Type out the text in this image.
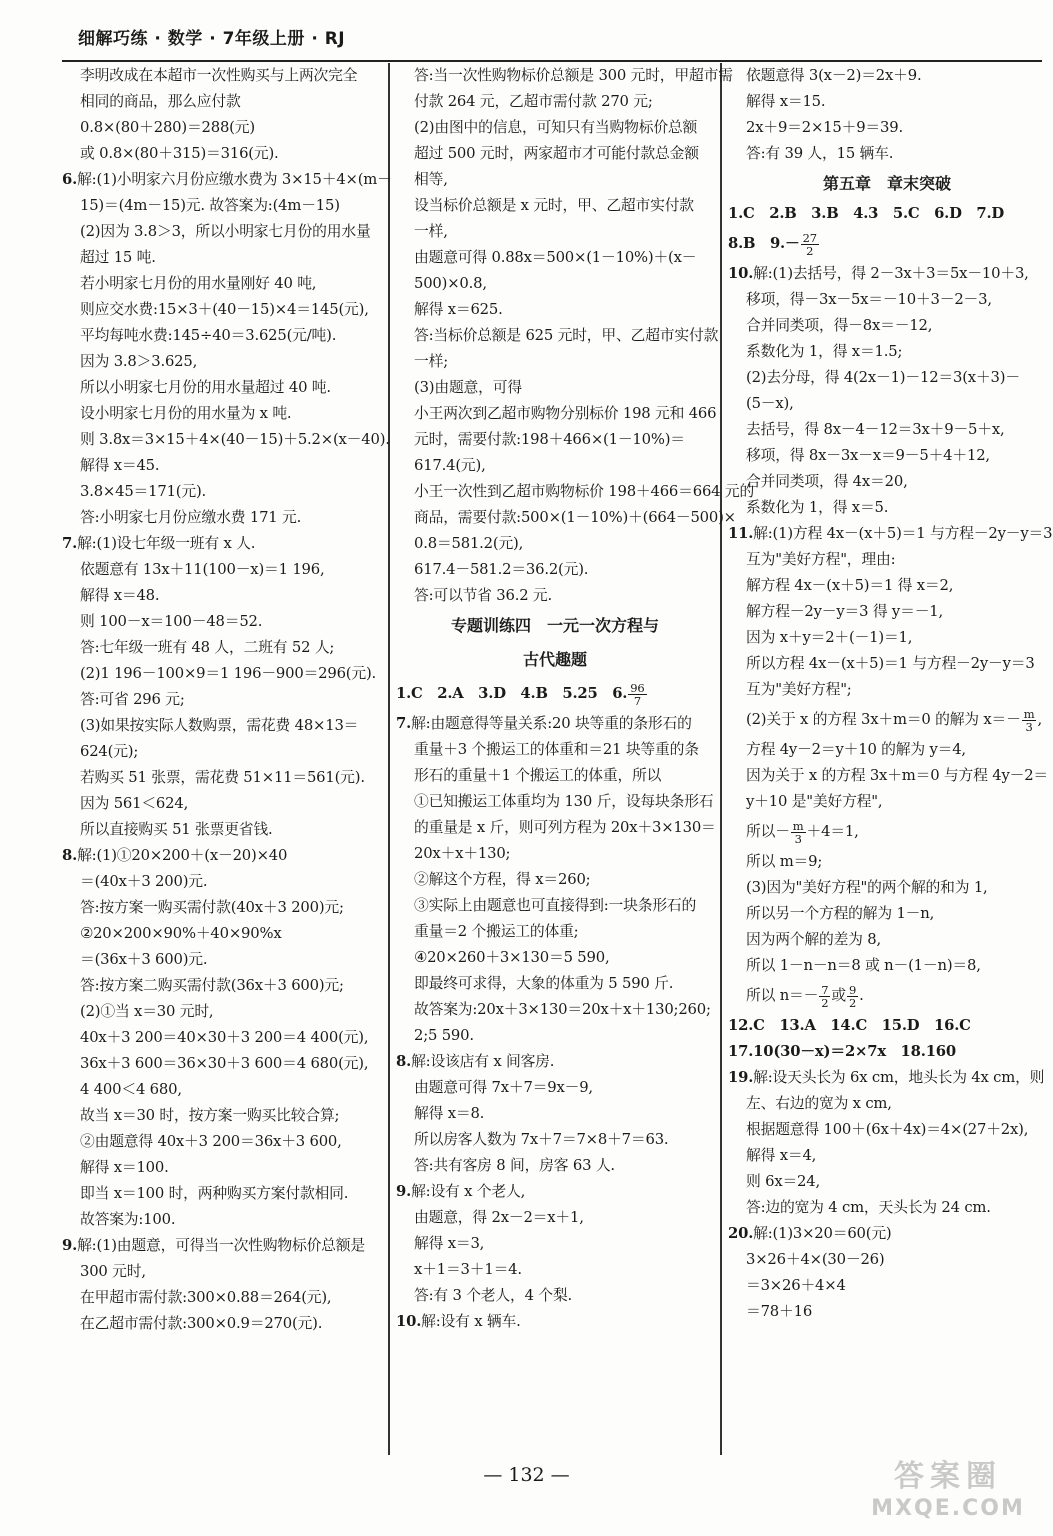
细解巧练 · 数学 · 7年级上册 · RJ
李明改成在本超市一次性购买与上两次完全
相同的商品，那么应付款
0.8×(80＋280)＝288(元)
或 0.8×(80＋315)＝316(元).
6.解:(1)小明家六月份应缴水费为 3×15＋4×(m－
15)＝(4m－15)元. 故答案为:(4m－15)
(2)因为 3.8＞3，所以小明家七月份的用水量
超过 15 吨.
若小明家七月份的用水量刚好 40 吨,
则应交水费:15×3＋(40－15)×4＝145(元),
平均每吨水费:145÷40＝3.625(元/吨).
因为 3.8＞3.625,
所以小明家七月份的用水量超过 40 吨.
设小明家七月份的用水量为 x 吨.
则 3.8x＝3×15＋4×(40－15)＋5.2×(x－40).
解得 x＝45.
3.8×45＝171(元).
答:小明家七月份应缴水费 171 元.
7.解:(1)设七年级一班有 x 人.
依题意有 13x＋11(100－x)＝1 196,
解得 x＝48.
则 100－x＝100－48＝52.
答:七年级一班有 48 人，二班有 52 人;
(2)1 196－100×9＝1 196－900＝296(元).
答:可省 296 元;
(3)如果按实际人数购票，需花费 48×13＝
624(元);
若购买 51 张票，需花费 51×11＝561(元).
因为 561＜624,
所以直接购买 51 张票更省钱.
8.解:(1)①20×200＋(x－20)×40
＝(40x＋3 200)元.
答:按方案一购买需付款(40x＋3 200)元;
②20×200×90%＋40×90%x
＝(36x＋3 600)元.
答:按方案二购买需付款(36x＋3 600)元;
(2)①当 x＝30 元时,
40x＋3 200＝40×30＋3 200＝4 400(元),
36x＋3 600＝36×30＋3 600＝4 680(元),
4 400＜4 680,
故当 x＝30 时，按方案一购买比较合算;
②由题意得 40x＋3 200＝36x＋3 600,
解得 x＝100.
即当 x＝100 时，两种购买方案付款相同.
故答案为:100.
9.解:(1)由题意，可得当一次性购物标价总额是
300 元时,
在甲超市需付款:300×0.88＝264(元),
在乙超市需付款:300×0.9＝270(元).
答:当一次性购物标价总额是 300 元时，甲超市需
付款 264 元，乙超市需付款 270 元;
(2)由图中的信息，可知只有当购物标价总额
超过 500 元时，两家超市才可能付款总金额
相等,
设当标价总额是 x 元时，甲、乙超市实付款
一样,
由题意可得 0.88x＝500×(1－10%)＋(x－
500)×0.8,
解得 x＝625.
答:当标价总额是 625 元时，甲、乙超市实付款
一样;
(3)由题意，可得
小王两次到乙超市购物分别标价 198 元和 466
元时，需要付款:198＋466×(1－10%)＝
617.4(元),
小王一次性到乙超市购物标价 198＋466＝664 元的
商品，需要付款:500×(1－10%)＋(664－500)×
0.8＝581.2(元),
617.4－581.2＝36.2(元).
答:可以节省 36.2 元.
专题训练四　一元一次方程与
古代趣题
1.C　2.A　3.D　4.B　5.25　6. $\frac{96}{7}$
7.解:由题意得等量关系:20 块等重的条形石的
重量＋3 个搬运工的体重和＝21 块等重的条
形石的重量＋1 个搬运工的体重，所以
①已知搬运工体重均为 130 斤，设每块条形石
的重量是 x 斤，则可列方程为 20x＋3×130＝
20x＋x＋130;
②解这个方程，得 x＝260;
③实际上由题意也可直接得到:一块条形石的
重量＝2 个搬运工的体重;
④20×260＋3×130＝5 590,
即最终可求得，大象的体重为 5 590 斤.
故答案为:20x＋3×130＝20x＋x＋130;260;
2;5 590.
8.解:设该店有 x 间客房.
由题意可得 7x＋7＝9x－9,
解得 x＝8.
所以房客人数为 7x＋7＝7×8＋7＝63.
答:共有客房 8 间，房客 63 人.
9.解:设有 x 个老人,
由题意，得 2x－2＝x＋1,
解得 x＝3,
x＋1＝3＋1＝4.
答:有 3 个老人，4 个梨.
10.解:设有 x 辆车.
依题意得 3(x－2)＝2x＋9.
解得 x＝15.
2x＋9＝2×15＋9＝39.
答:有 39 人，15 辆车.
第五章　章末突破
1.C　2.B　3.B　4.3　5.C　6.D　7.D
8.B　$9.- \frac{27}{2}$
10.解:(1)去括号，得 2－3x＋3＝5x－10＋3,
移项，得－3x－5x＝－10＋3－2－3,
合并同类项，得－8x＝－12,
系数化为 1，得 x＝1.5;
(2)去分母，得 4(2x－1)－12＝3(x＋3)－
(5－x),
去括号，得 8x－4－12＝3x＋9－5＋x,
移项，得 8x－3x－x＝9－5＋4＋12,
合并同类项，得 4x＝20,
系数化为 1，得 x＝5.
11.解:(1)方程 4x－(x＋5)＝1 与方程－2y－y＝3
互为"美好方程"，理由:
解方程 4x－(x＋5)＝1 得 x＝2,
解方程－2y－y＝3 得 y＝－1,
因为 x＋y＝2＋(－1)＝1,
所以方程 4x－(x＋5)＝1 与方程－2y－y＝3
互为"美好方程";
(2)关于 x 的方程 3x＋m＝0 的解为 $x=- \frac{m}{3}$ ,
方程 4y－2＝y＋10 的解为 y＝4,
因为关于 x 的方程 3x＋m＝0 与方程 4y－2＝
y＋10 是"美好方程",
所以－ $\frac{m}{3} +4=1$,
所以 m＝9;
(3)因为"美好方程"的两个解的和为 1,
所以另一个方程的解为 1－n,
因为两个解的差为 8,
所以 1－n－n＝8 或 n－(1－n)＝8,
所以 $n=- \frac{7}{2}$ 或 $\frac{9}{2}$ .
12.C　13.A　14.C　15.D　16.C
17.10(30－x)＝2×7x　18.160
19.解:设天头长为 6x cm，地头长为 4x cm，则
左、右边的宽为 x cm,
根据题意得 100＋(6x＋4x)＝4×(27＋2x),
解得 x＝4,
则 6x＝24,
答:边的宽为 4 cm，天头长为 24 cm.
20.解:(1)3×20＝60(元)
3×26＋4×(30－26)
＝3×26＋4×4
＝78＋16
— 132 —	答案圈
MXQE.COM
